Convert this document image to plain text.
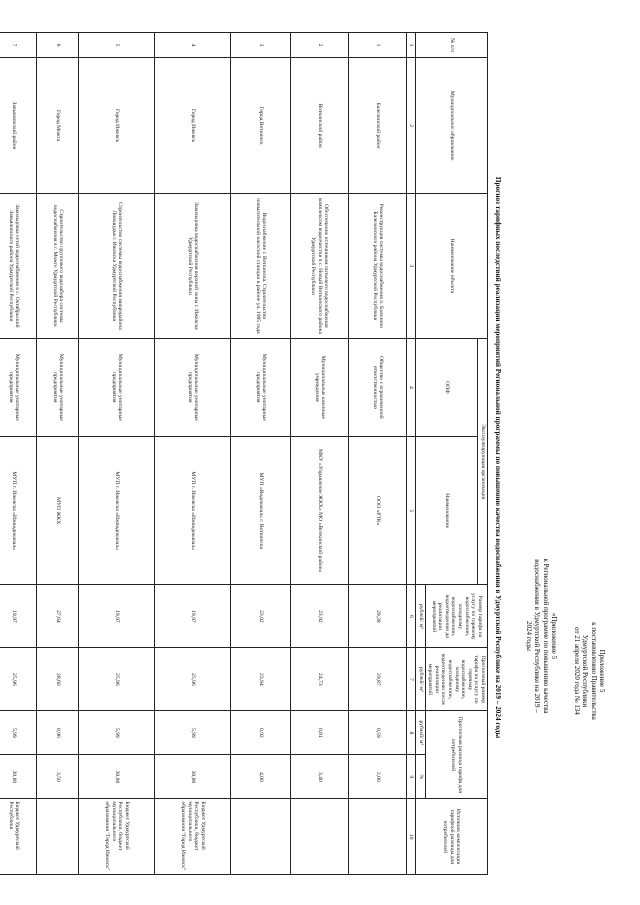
Приложение 5
к постановлению Правительства
Удмуртской Республики
от 21 апреля 2020 года № 134
«Приложение 5
к Региональной программе по повышению качества
водоснабжения в Удмуртской Республике на 2019 –
2024 годы
Прогноз тарифных последствий реализации мероприятий Региональной программы по повышению качества водоснабжения в Удмуртской Республике на 2019 – 2024 годы
№ п/п	Муниципальное образование	Наименование объекта	Эксплуатирующая организация		Размер тарифа на услугу по горячему водоснабжению, холодному водоснабжению, водоотведению до реализации мероприятий	Прогнозный размер тарифа на услугу по горячему водоснабжению, холодному водоснабжению, водоотведению после реализации мероприятий	Прогнозная разница тарифа для потребителей		Источник компенсации тарифной разницы для потребителей
			ОПФ	Наименование					
					рублей/ м³	рублей/ м³	рублей/ м³	%	
1	2	3	4	5	6	7	8	9	10
1	Балезинский район	Реконструкция системы водоснабжения п. Балезино Балезинского района Удмуртской Республики	Общество с ограниченной ответственностью	ООО «РТК»	29,28	29,87	0,59	2,00	
2	Воткинский район	Обеспечение источником питьевого водоснабжения комплексом водоочистки в с. Новый Воткинского района Удмуртской Республики	Муниципальные казенные учреждения	МКУ «Управление ЖКХ» МО «Воткинский район»	23,92	24,73	0,81	3,40	
3	Город Воткинск	Водоснабжение г. Воткинска. Строительство повысительной насосной станции в районе ул. 1905 года	Муниципальные унитарные предприятия	МУП «Водоканал» г. Воткинска	23,02	23,94	0,92	4,00	
4	Город Ижевск	Закольцовка водоснабжения верхней зоны г. Ижевска Удмуртской Республики	Муниципальные унитарные предприятия	МУП г. Ижевска «Ижводоканал»	19,97	25,96	5,99	30,00	Бюджет Удмуртской Республики, бюджет муниципального образования "Город Ижевск"
5	Город Ижевск	Строительство системы водоснабжения микрорайона Люкшудья г. Ижевска Удмуртской Республики	Муниципальные унитарные предприятия	МУП г. Ижевска «Ижводоканал»	19,97	25,96	5,99	30,00	Бюджет Удмуртской Республики, бюджет муниципального образования "Город Ижевск"
6	Город Можга	Строительство группового водозабора системы водоснабжения в г. Можге Удмуртской Республики	Муниципальные унитарные предприятия	МУП ЖКХ	27,64	28,60	0,96	3,50	
7	Завьяловский район	Закольцовка сетей водоснабжения в с. Октябрьский Завьяловского района Удмуртской Республики	Муниципальные унитарные предприятия	МУП г. Ижевска «Ижводоканал»	19,97	25,96	5,99	30,00	Бюджет Удмуртской Республики
